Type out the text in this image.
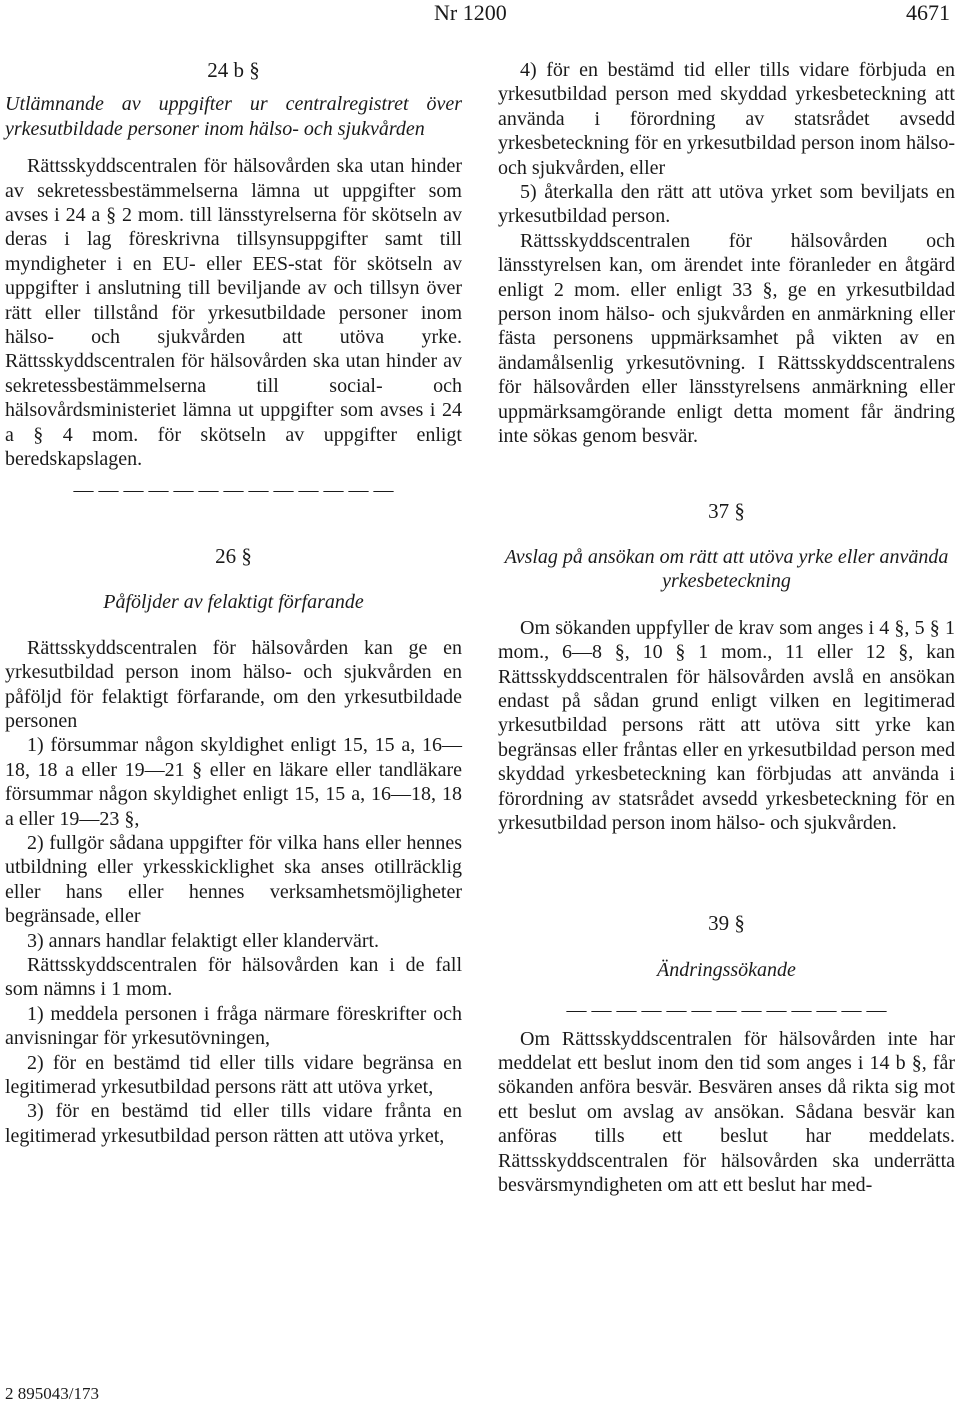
Nr 1200	4671

24 b §

Utlämnande av uppgifter ur centralregistret över yrkesutbildade personer inom hälso- och sjukvården

Rättsskyddscentralen för hälsovården ska utan hinder av sekretessbestämmelserna lämna ut uppgifter som avses i 24 a § 2 mom. till länsstyrelserna för skötseln av deras i lag föreskrivna tillsynsuppgifter samt till myndigheter i en EU- eller EES-stat för skötseln av uppgifter i anslutning till beviljande av och tillsyn över rätt eller tillstånd för yrkesutbildade personer inom hälso- och sjukvården att utöva yrke. Rättsskyddscentralen för hälsovården ska utan hinder av sekretessbestämmelserna till social- och hälsovårdsministeriet lämna ut uppgifter som avses i 24 a § 4 mom. för skötseln av uppgifter enligt beredskapslagen.

— — — — — — — — — — — — —

26 §

Påföljder av felaktigt förfarande

Rättsskyddscentralen för hälsovården kan ge en yrkesutbildad person inom hälso- och sjukvården en påföljd för felaktigt förfarande, om den yrkesutbildade personen

1) försummar någon skyldighet enligt 15, 15 a, 16—18, 18 a eller 19—21 § eller en läkare eller tandläkare försummar någon skyldighet enligt 15, 15 a, 16—18, 18 a eller 19—23 §,

2) fullgör sådana uppgifter för vilka hans eller hennes utbildning eller yrkesskicklighet ska anses otillräcklig eller hans eller hennes verksamhetsmöjligheter begränsade, eller

3) annars handlar felaktigt eller klandervärt.

Rättsskyddscentralen för hälsovården kan i de fall som nämns i 1 mom.

1) meddela personen i fråga närmare föreskrifter och anvisningar för yrkesutövningen,

2) för en bestämd tid eller tills vidare begränsa en legitimerad yrkesutbildad persons rätt att utöva yrket,

3) för en bestämd tid eller tills vidare fråntа en legitimerad yrkesutbildad person rätten att utöva yrket,

4) för en bestämd tid eller tills vidare förbjuda en yrkesutbildad person med skyddad yrkesbeteckning att använda i förordning av statsrådet avsedd yrkesbeteckning för en yrkesutbildad person inom hälso- och sjukvården, eller

5) återkalla den rätt att utöva yrket som beviljats en yrkesutbildad person.

Rättsskyddscentralen för hälsovården och länsstyrelsen kan, om ärendet inte föranleder en åtgärd enligt 2 mom. eller enligt 33 §, ge en yrkesutbildad person inom hälso- och sjukvården en anmärkning eller fästa personens uppmärksamhet på vikten av en ändamålsenlig yrkesutövning. I Rättsskyddscentralens för hälsovården eller länsstyrelsens anmärkning eller uppmärksamgörande enligt detta moment får ändring inte sökas genom besvär.

37 §

Avslag på ansökan om rätt att utöva yrke eller använda yrkesbeteckning

Om sökanden uppfyller de krav som anges i 4 §, 5 § 1 mom., 6—8 §, 10 § 1 mom., 11 eller 12 §, kan Rättsskyddscentralen för hälsovården avslå en ansökan endast på sådan grund enligt vilken en legitimerad yrkesutbildad persons rätt att utöva sitt yrke kan begränsas eller fråntas eller en yrkesutbildad person med skyddad yrkesbeteckning kan förbjudas att använda i förordning av statsrådet avsedd yrkesbeteckning för en yrkesutbildad person inom hälso- och sjukvården.

39 §

Ändringssökande

— — — — — — — — — — — — —

Om Rättsskyddscentralen för hälsovården inte har meddelat ett beslut inom den tid som anges i 14 b §, får sökanden anföra besvär. Besvären anses då rikta sig mot ett beslut om avslag av ansökan. Sådana besvär kan anföras tills ett beslut har meddelats. Rättsskyddscentralen för hälsovården ska underrätta besvärsmyndigheten om att ett beslut har med-

2 895043/173
